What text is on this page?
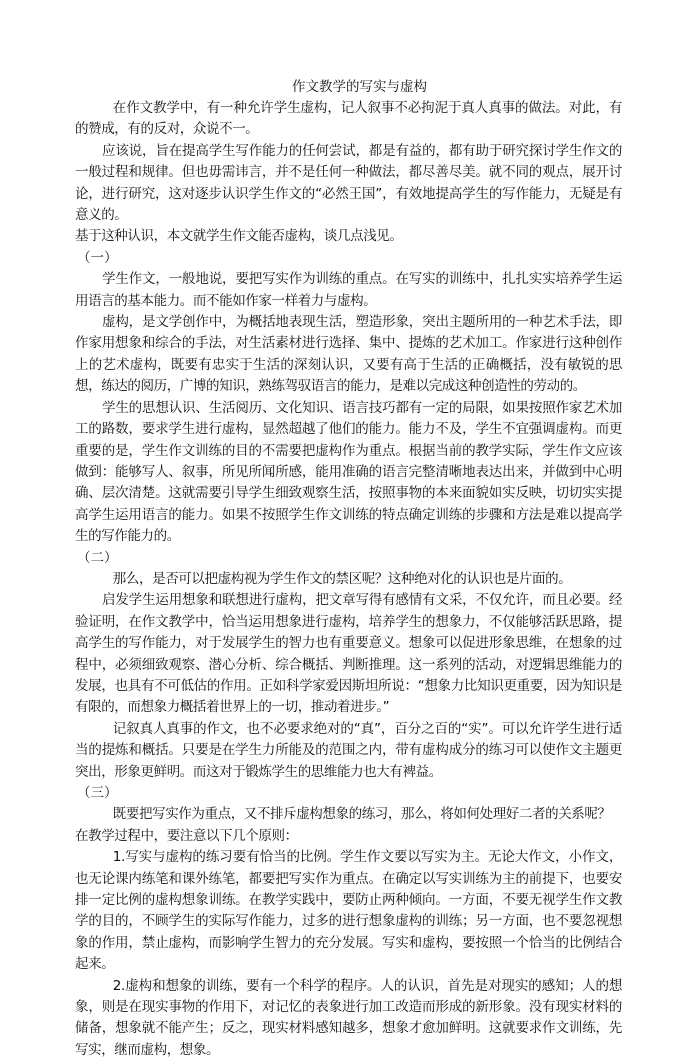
作文教学的写实与虚构

在作文教学中，有一种允许学生虚构，记人叙事不必拘泥于真人真事的做法。对此，有的赞成，有的反对，众说不一。

应该说，旨在提高学生写作能力的任何尝试，都是有益的，都有助于研究探讨学生作文的一般过程和规律。但也毋需讳言，并不是任何一种做法，都尽善尽美。就不同的观点，展开讨论，进行研究，这对逐步认识学生作文的“必然王国”，有效地提高学生的写作能力，无疑是有意义的。

基于这种认识，本文就学生作文能否虚构，谈几点浅见。

（一）

学生作文，一般地说，要把写实作为训练的重点。在写实的训练中，扎扎实实培养学生运用语言的基本能力。而不能如作家一样着力与虚构。

虚构，是文学创作中，为概括地表现生活，塑造形象，突出主题所用的一种艺术手法，即作家用想象和综合的手法，对生活素材进行选择、集中、提炼的艺术加工。作家进行这种创作上的艺术虚构，既要有忠实于生活的深刻认识，又要有高于生活的正确概括，没有敏锐的思想，练达的阅历，广博的知识，熟练驾驭语言的能力，是难以完成这种创造性的劳动的。

学生的思想认识、生活阅历、文化知识、语言技巧都有一定的局限，如果按照作家艺术加工的路数，要求学生进行虚构，显然超越了他们的能力。能力不及，学生不宜强调虚构。而更重要的是，学生作文训练的目的不需要把虚构作为重点。根据当前的教学实际，学生作文应该做到：能够写人、叙事，所见所闻所感，能用准确的语言完整清晰地表达出来，并做到中心明确、层次清楚。这就需要引导学生细致观察生活，按照事物的本来面貌如实反映，切切实实提高学生运用语言的能力。如果不按照学生作文训练的特点确定训练的步骤和方法是难以提高学生的写作能力的。

（二）

那么，是否可以把虚构视为学生作文的禁区呢？这种绝对化的认识也是片面的。

启发学生运用想象和联想进行虚构，把文章写得有感情有文采，不仅允许，而且必要。经验证明，在作文教学中，恰当运用想象进行虚构，培养学生的想象力，不仅能够活跃思路，提高学生的写作能力，对于发展学生的智力也有重要意义。想象可以促进形象思维，在想象的过程中，必须细致观察、潜心分析、综合概括、判断推理。这一系列的活动，对逻辑思维能力的发展，也具有不可低估的作用。正如科学家爱因斯坦所说：“想象力比知识更重要，因为知识是有限的，而想象力概括着世界上的一切，推动着进步。”

记叙真人真事的作文，也不必要求绝对的“真”，百分之百的“实”。可以允许学生进行适当的提炼和概括。只要是在学生力所能及的范围之内，带有虚构成分的练习可以使作文主题更突出，形象更鲜明。而这对于锻炼学生的思维能力也大有裨益。

（三）

既要把写实作为重点，又不排斥虚构想象的练习，那么，将如何处理好二者的关系呢？

在教学过程中，要注意以下几个原则：

1.写实与虚构的练习要有恰当的比例。学生作文要以写实为主。无论大作文，小作文，也无论课内练笔和课外练笔，都要把写实作为重点。在确定以写实训练为主的前提下，也要安排一定比例的虚构想象训练。在教学实践中，要防止两种倾向。一方面，不要无视学生作文教学的目的，不顾学生的实际写作能力，过多的进行想象虚构的训练；另一方面，也不要忽视想象的作用，禁止虚构，而影响学生智力的充分发展。写实和虚构，要按照一个恰当的比例结合起来。

2.虚构和想象的训练，要有一个科学的程序。人的认识，首先是对现实的感知；人的想象，则是在现实事物的作用下，对记忆的表象进行加工改造而形成的新形象。没有现实材料的储备，想象就不能产生；反之，现实材料感知越多，想象才愈加鲜明。这就要求作文训练，先写实，继而虚构，想象。
